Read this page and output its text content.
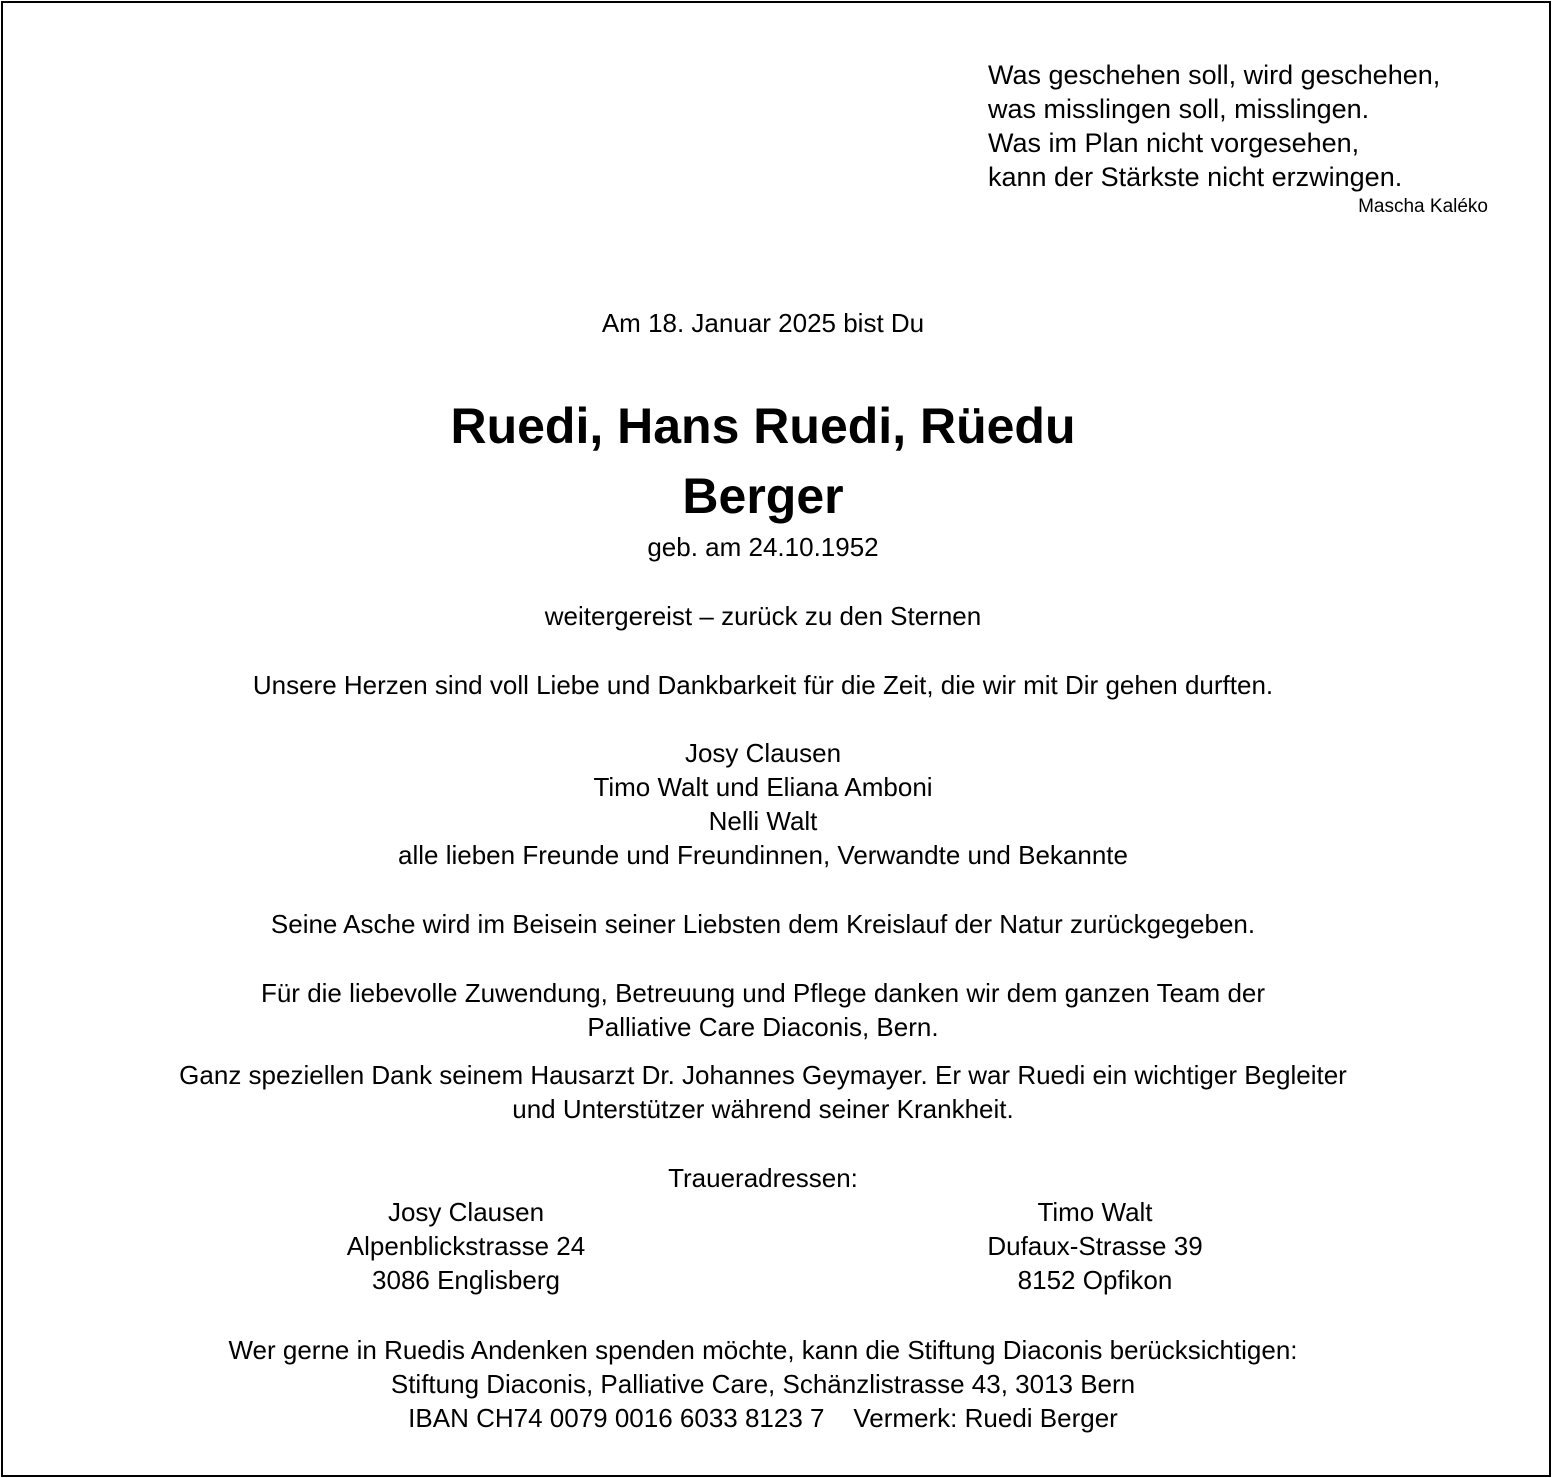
Was geschehen soll, wird geschehen,
was misslingen soll, misslingen.
Was im Plan nicht vorgesehen,
kann der Stärkste nicht erzwingen.
Mascha Kaléko
Am 18. Januar 2025 bist Du
Ruedi, Hans Ruedi, Rüedu
Berger
geb. am 24.10.1952
weitergereist – zurück zu den Sternen
Unsere Herzen sind voll Liebe und Dankbarkeit für die Zeit, die wir mit Dir gehen durften.
Josy Clausen
Timo Walt und Eliana Amboni
Nelli Walt
alle lieben Freunde und Freundinnen, Verwandte und Bekannte
Seine Asche wird im Beisein seiner Liebsten dem Kreislauf der Natur zurückgegeben.
Für die liebevolle Zuwendung, Betreuung und Pflege danken wir dem ganzen Team der
Palliative Care Diaconis, Bern.
Ganz speziellen Dank seinem Hausarzt Dr. Johannes Geymayer. Er war Ruedi ein wichtiger Begleiter
und Unterstützer während seiner Krankheit.
Traueradressen:
Josy Clausen
Alpenblickstrasse 24
3086 Englisberg
Timo Walt
Dufaux-Strasse 39
8152 Opfikon
Wer gerne in Ruedis Andenken spenden möchte, kann die Stiftung Diaconis berücksichtigen:
Stiftung Diaconis, Palliative Care, Schänzlistrasse 43, 3013 Bern
IBAN CH74 0079 0016 6033 8123 7    Vermerk: Ruedi Berger
